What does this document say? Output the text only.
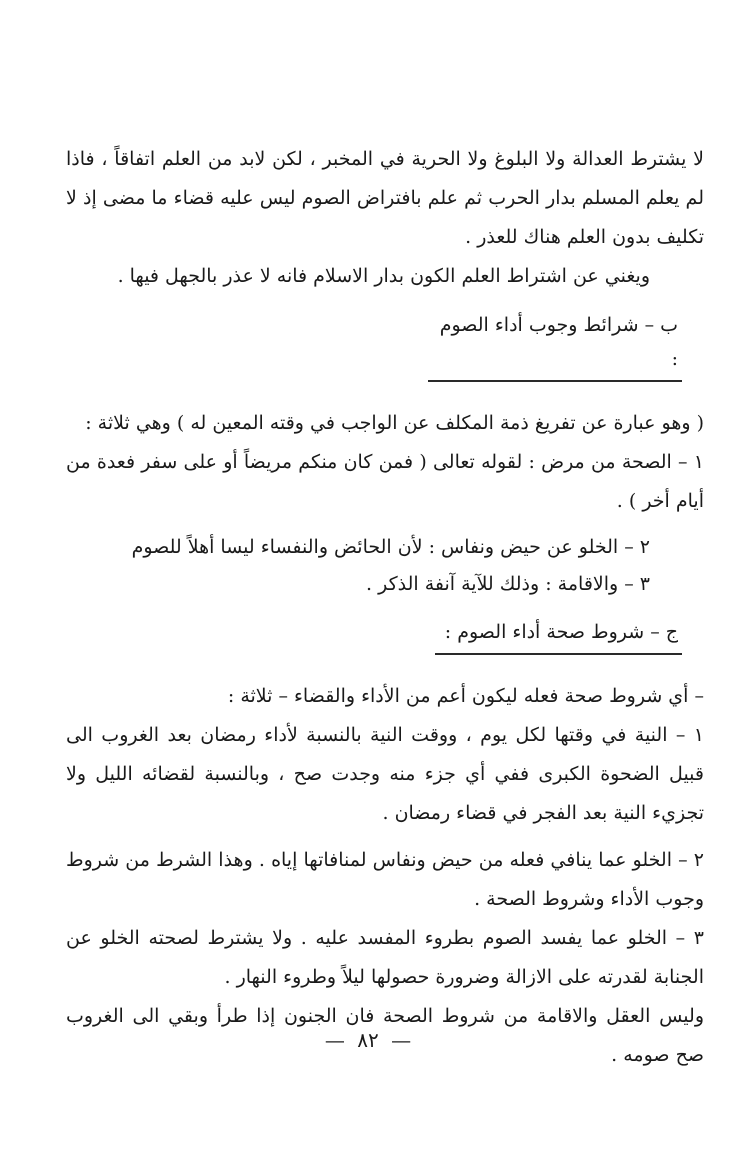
لا يشترط العدالة ولا البلوغ ولا الحرية في المخبر ، لكن لابد من العلم اتفاقاً ، فاذا لم يعلم المسلم بدار الحرب ثم علم بافتراض الصوم ليس عليه قضاء ما مضى إذ لا تكليف بدون العلم هناك للعذر .

ويغني عن اشتراط العلم الكون بدار الاسلام فانه لا عذر بالجهل فيها .

ب – شرائط وجوب أداء الصوم :

( وهو عبارة عن تفريغ ذمة المكلف عن الواجب في وقته المعين له ) وهي ثلاثة :

١ – الصحة من مرض : لقوله تعالى ( فمن كان منكم مريضاً أو على سفر فعدة من أيام أخر ) .

٢ – الخلو عن حيض ونفاس : لأن الحائض والنفساء ليسا أهلاً للصوم

٣ – والاقامة : وذلك للآية آنفة الذكر .

ج – شروط صحة أداء الصوم :

– أي شروط صحة فعله ليكون أعم من الأداء والقضاء – ثلاثة :

١ – النية في وقتها لكل يوم ، ووقت النية بالنسبة لأداء رمضان بعد الغروب الى قبيل الضحوة الكبرى ففي أي جزء منه وجدت صح ، وبالنسبة لقضائه الليل ولا تجزيء النية بعد الفجر في قضاء رمضان .

٢ – الخلو عما ينافي فعله من حيض ونفاس لمنافاتها إياه . وهذا الشرط من شروط وجوب الأداء وشروط الصحة .

٣ – الخلو عما يفسد الصوم بطروء المفسد عليه . ولا يشترط لصحته الخلو عن الجنابة لقدرته على الازالة وضرورة حصولها ليلاً وطروء النهار .

وليس العقل والاقامة من شروط الصحة فان الجنون إذا طرأ وبقي الى الغروب صح صومه .

— ٨٢ —
